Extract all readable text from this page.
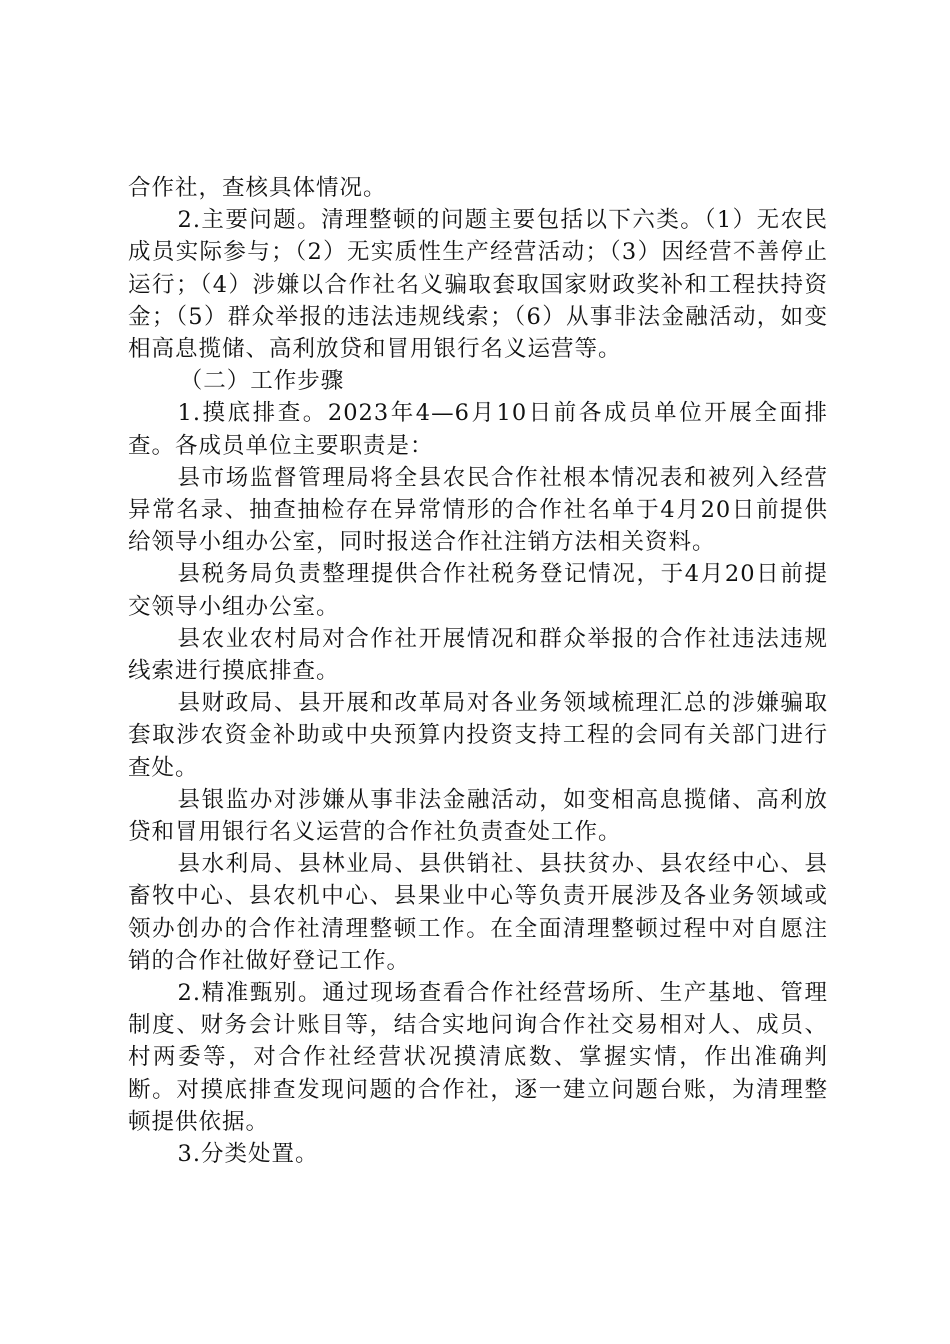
合作社，查核具体情况。

2.主要问题。清理整顿的问题主要包括以下六类。（1）无农民成员实际参与；（2）无实质性生产经营活动；（3）因经营不善停止运行；（4）涉嫌以合作社名义骗取套取国家财政奖补和工程扶持资金；（5）群众举报的违法违规线索；（6）从事非法金融活动，如变相高息揽储、高利放贷和冒用银行名义运营等。

（二）工作步骤

1.摸底排查。2023年4—6月10日前各成员单位开展全面排查。各成员单位主要职责是：

县市场监督管理局将全县农民合作社根本情况表和被列入经营异常名录、抽查抽检存在异常情形的合作社名单于4月20日前提供给领导小组办公室，同时报送合作社注销方法相关资料。

县税务局负责整理提供合作社税务登记情况，于4月20日前提交领导小组办公室。

县农业农村局对合作社开展情况和群众举报的合作社违法违规线索进行摸底排查。

县财政局、县开展和改革局对各业务领域梳理汇总的涉嫌骗取套取涉农资金补助或中央预算内投资支持工程的会同有关部门进行查处。

县银监办对涉嫌从事非法金融活动，如变相高息揽储、高利放贷和冒用银行名义运营的合作社负责查处工作。

县水利局、县林业局、县供销社、县扶贫办、县农经中心、县畜牧中心、县农机中心、县果业中心等负责开展涉及各业务领域或领办创办的合作社清理整顿工作。在全面清理整顿过程中对自愿注销的合作社做好登记工作。

2.精准甄别。通过现场查看合作社经营场所、生产基地、管理制度、财务会计账目等，结合实地问询合作社交易相对人、成员、村两委等，对合作社经营状况摸清底数、掌握实情，作出准确判断。对摸底排查发现问题的合作社，逐一建立问题台账，为清理整顿提供依据。

3.分类处置。
